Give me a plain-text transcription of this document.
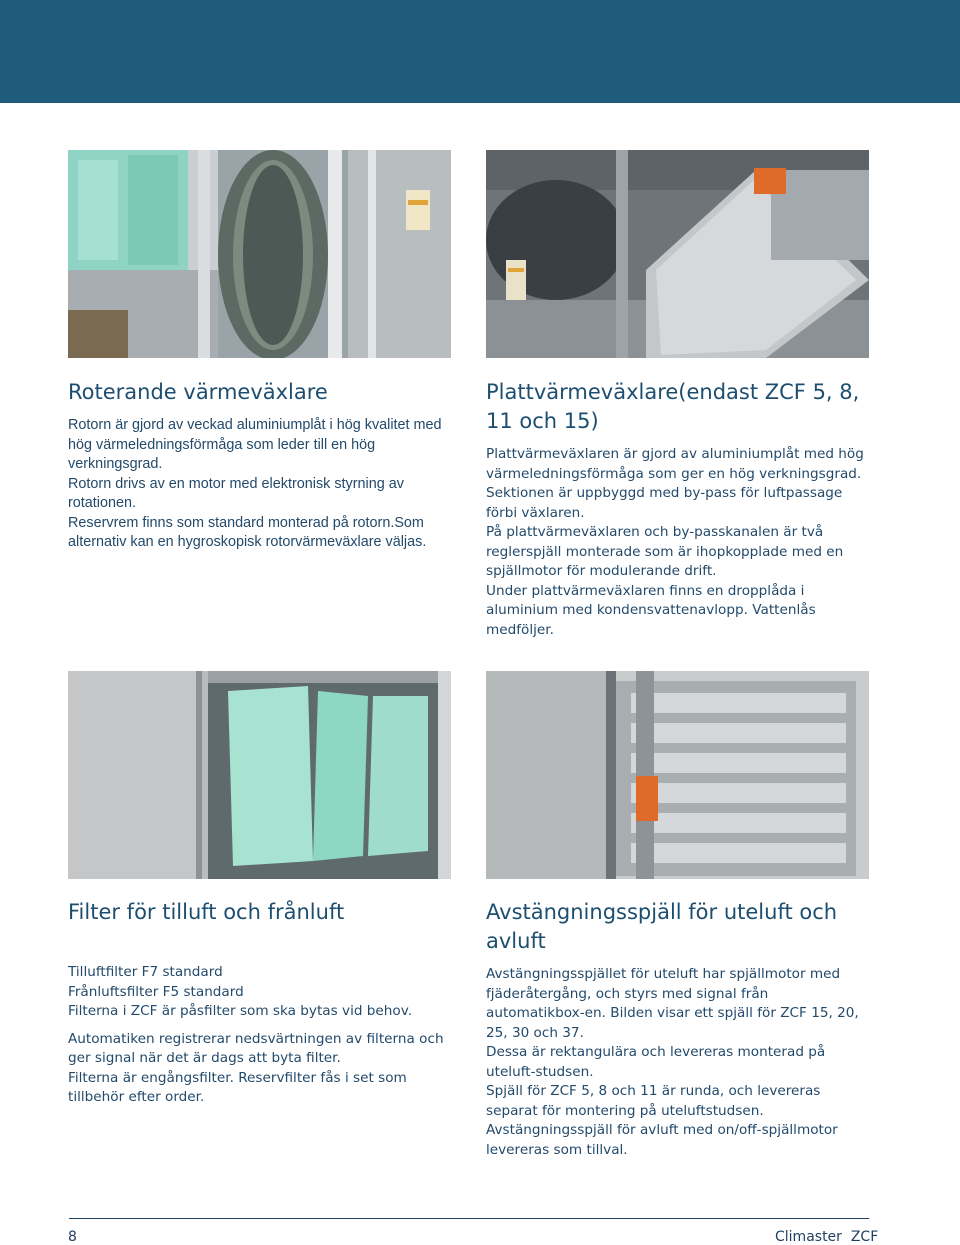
Roterande värmeväxlare

Rotorn är gjord av veckad aluminiumplåt i hög kvalitet med hög värmeledningsförmåga som leder till en hög verkningsgrad.
Rotorn drivs av en motor med elektronisk styrning av rotationen.
Reservrem finns som standard monterad på rotorn.Som alternativ kan en hygroskopisk rotorvärmeväxlare väljas.

Plattvärmeväxlare(endast ZCF 5, 8, 11 och 15)

Plattvärmeväxlaren är gjord av aluminiumplåt med hög värmeledningsförmåga som ger en hög verkningsgrad.
Sektionen är uppbyggd med by-pass för luftpassage förbi växlaren.
På plattvärmeväxlaren och by-passkanalen är två reglerspjäll monterade som är ihopkopplade med en spjällmotor för modulerande drift.
Under plattvärmeväxlaren finns en dropplåda i aluminium med kondensvattenavlopp. Vattenlås medföljer.

Filter för tilluft och frånluft

Tilluftfilter F7 standard
Frånluftsfilter F5 standard
Filterna i ZCF är påsfilter som ska bytas vid behov.

Automatiken registrerar nedsvärtningen av filterna och ger signal när det är dags att byta filter.
Filterna är engångsfilter. Reservfilter fås i set som tillbehör efter order.

Avstängningsspjäll för uteluft och avluft

Avstängningsspjället för uteluft har spjällmotor med fjäderåtergång, och styrs med signal från automatikbox-en. Bilden visar ett spjäll för ZCF 15, 20, 25, 30 och 37.
Dessa är rektangulära och levereras monterad på uteluft-studsen.
Spjäll för ZCF 5, 8 och 11 är runda, och levereras separat för montering på uteluftstudsen.
Avstängningsspjäll för avluft med on/off-spjällmotor levereras som tillval.

8	Climaster  ZCF
